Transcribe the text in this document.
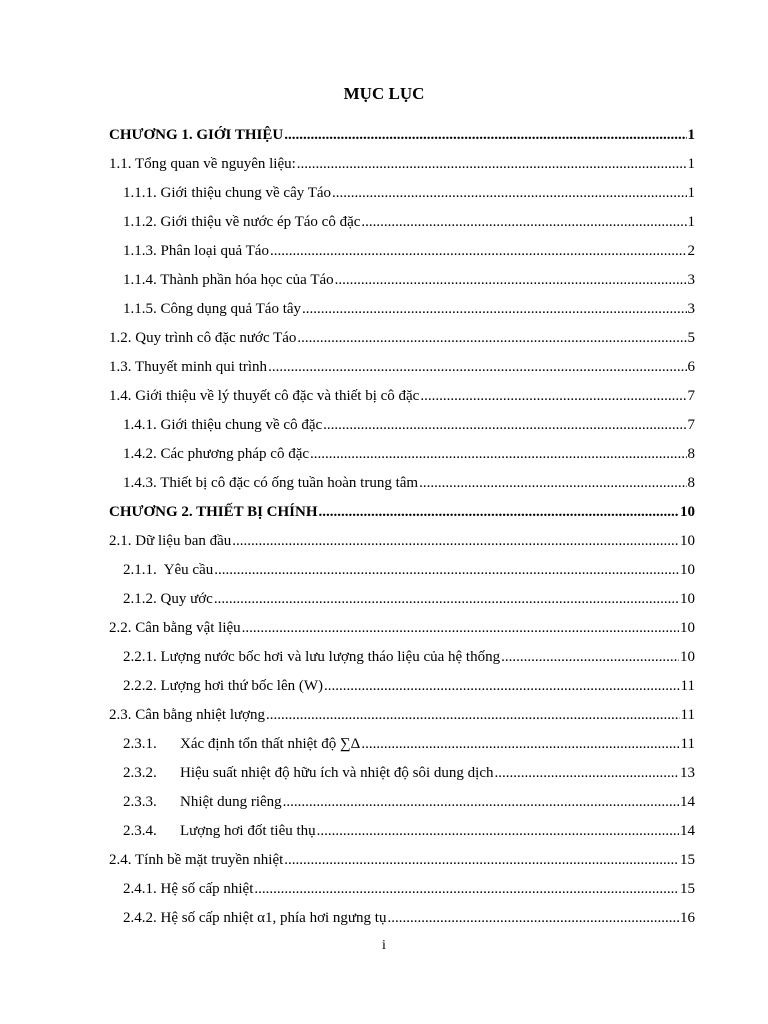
MỤC LỤC
CHƯƠNG 1. GIỚI THIỆU .....	1
1.1. Tổng quan về nguyên liệu: .....	1
1.1.1. Giới thiệu chung về cây Táo .....	1
1.1.2. Giới thiệu về nước ép Táo cô đặc .....	1
1.1.3. Phân loại quả Táo .....	2
1.1.4. Thành phần hóa học của Táo .....	3
1.1.5. Công dụng quả Táo tây .....	3
1.2. Quy trình cô đặc nước Táo .....	5
1.3. Thuyết minh qui trình .....	6
1.4. Giới thiệu về lý thuyết cô đặc và thiết bị cô đặc .....	7
1.4.1. Giới thiệu chung về cô đặc .....	7
1.4.2. Các phương pháp cô đặc .....	8
1.4.3. Thiết bị cô đặc có ống tuần hoàn trung tâm .....	8
CHƯƠNG 2. THIẾT BỊ CHÍNH .....	10
2.1. Dữ liệu ban đầu .....	10
2.1.1.  Yêu cầu .....	10
2.1.2. Quy ước .....	10
2.2. Cân bằng vật liệu .....	10
2.2.1. Lượng nước bốc hơi và lưu lượng tháo liệu của hệ thống .....	10
2.2.2. Lượng hơi thứ bốc lên (W) .....	11
2.3. Cân bằng nhiệt lượng .....	11
2.3.1. Xác định tổn thất nhiệt độ ∑Δ .....	11
2.3.2. Hiệu suất nhiệt độ hữu ích và nhiệt độ sôi dung dịch .....	13
2.3.3. Nhiệt dung riêng .....	14
2.3.4. Lượng hơi đốt tiêu thụ .....	14
2.4. Tính bề mặt truyền nhiệt .....	15
2.4.1. Hệ số cấp nhiệt .....	15
2.4.2. Hệ số cấp nhiệt α1, phía hơi ngưng tụ .....	16
i
